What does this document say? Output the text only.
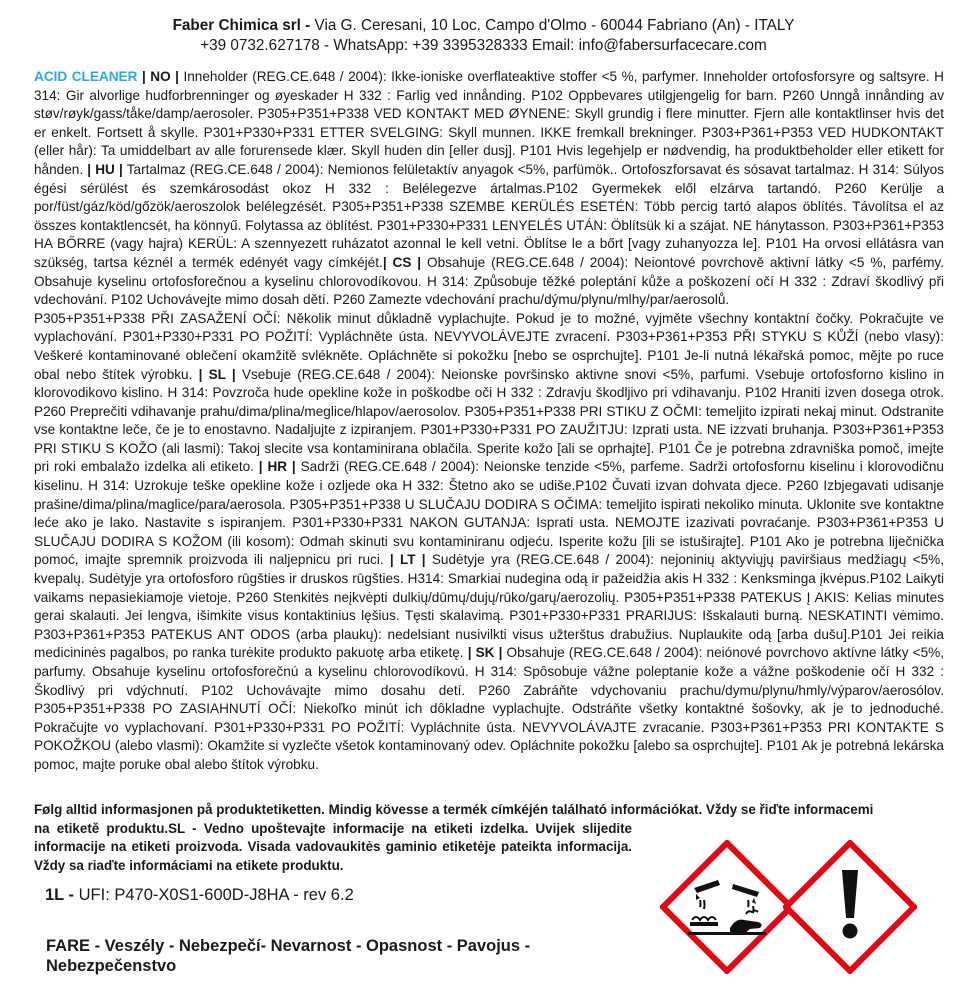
Faber Chimica srl - Via G. Ceresani, 10 Loc. Campo d'Olmo - 60044 Fabriano (An) - ITALY
+39 0732.627178 - WhatsApp: +39 3395328333 Email: info@fabersurfacecare.com

ACID CLEANER | NO | Inneholder (REG.CE.648 / 2004): Ikke-ioniske overflateaktive stoffer <5 %, parfymer. Inneholder ortofosforsyre og saltsyre. H 314: Gir alvorlige hudforbrenninger og øyeskader H 332 : Farlig ved innånding. P102 Oppbevares utilgjengelig for barn. P260 Unngå innånding av støv/røyk/gass/tåke/damp/aerosoler. P305+P351+P338 VED KONTAKT MED ØYNENE: Skyll grundig i flere minutter. Fjern alle kontaktlinser hvis det er enkelt. Fortsett å skylle. P301+P330+P331 ETTER SVELGING: Skyll munnen. IKKE fremkall brekninger. P303+P361+P353 VED HUDKONTAKT (eller hår): Ta umiddelbart av alle forurensede klær. Skyll huden din [eller dusj]. P101 Hvis legehjelp er nødvendig, ha produktbeholder eller etikett for hånden. | HU | Tartalmaz (REG.CE.648 / 2004): Nemionos felületaktív anyagok <5%, parfümök.. Ortofoszforsavat és sósavat tartalmaz. H 314: Súlyos égési sérülést és szemkárosodást okoz H 332 : Belélegezve ártalmas.P102 Gyermekek elől elzárva tartandó. P260 Kerülje a por/füst/gáz/köd/gőzök/aeroszolok belélegzését. P305+P351+P338 SZEMBE KERÜLÉS ESETÉN: Több percig tartó alapos öblítés. Távolítsa el az összes kontaktlencsét, ha könnyű. Folytassa az öblítést. P301+P330+P331 LENYELÉS UTÁN: Öblítsük ki a szájat. NE hánytasson. P303+P361+P353 HA BŐRRE (vagy hajra) KERÜL: A szennyezett ruházatot azonnal le kell vetni. Öblítse le a bőrt [vagy zuhanyozza le]. P101 Ha orvosi ellátásra van szükség, tartsa kéznél a termék edényét vagy címkéjét.| CS | Obsahuje (REG.CE.648 / 2004): Neiontové povrchově aktivní látky <5 %, parfémy. Obsahuje kyselinu ortofosforečnou a kyselinu chlorovodíkovou. H 314: Způsobuje těžké poleptání kůže a poškození očí H 332 : Zdraví škodlivý při vdechování. P102 Uchovávejte mimo dosah dětí. P260 Zamezte vdechování prachu/dýmu/plynu/mlhy/par/aerosolů.

P305+P351+P338 PŘI ZASAŽENÍ OČÍ: Několik minut důkladně vyplachujte. Pokud je to možné, vyjměte všechny kontaktní čočky. Pokračujte ve vyplachování. P301+P330+P331 PO POŽITÍ: Vypláchněte ústa. NEVYVOLÁVEJTE zvracení. P303+P361+P353 PŘI STYKU S KŮŽÍ (nebo vlasy): Veškeré kontaminované oblečení okamžitě svlékněte. Opláchněte si pokožku [nebo se osprchujte]. P101 Je-li nutná lékařská pomoc, mějte po ruce obal nebo štítek výrobku. | SL | Vsebuje (REG.CE.648 / 2004): Neionske površinsko aktivne snovi <5%, parfumi. Vsebuje ortofosforno kislino in klorovodikovo kislino. H 314: Povzroča hude opekline kože in poškodbe oči H 332 : Zdravju škodljivo pri vdihavanju. P102 Hraniti izven dosega otrok. P260 Preprečiti vdihavanje prahu/dima/plina/meglice/hlapov/aerosolov. P305+P351+P338 PRI STIKU Z OČMI: temeljito izpirati nekaj minut. Odstranite vse kontaktne leče, če je to enostavno. Nadaljujte z izpiranjem. P301+P330+P331 PO ZAUŽITJU: Izprati usta. NE izzvati bruhanja. P303+P361+P353 PRI STIKU S KOŽO (ali lasmi): Takoj slecite vsa kontaminirana oblačila. Sperite kožo [ali se oprhajte]. P101 Če je potrebna zdravniška pomoč, imejte pri roki embalažo izdelka ali etiketo. | HR | Sadrži (REG.CE.648 / 2004): Neionske tenzide <5%, parfeme. Sadrži ortofosfornu kiselinu i klorovodičnu kiselinu. H 314: Uzrokuje teške opekline kože i ozljede oka H 332: Štetno ako se udiše.P102 Čuvati izvan dohvata djece. P260 Izbjegavati udisanje prašine/dima/plina/maglice/para/aerosola. P305+P351+P338 U SLUČAJU DODIRA S OČIMA: temeljito ispirati nekoliko minuta. Uklonite sve kontaktne leće ako je lako. Nastavite s ispiranjem. P301+P330+P331 NAKON GUTANJA: Isprati usta. NEMOJTE izazivati povraćanje. P303+P361+P353 U SLUČAJU DODIRA S KOŽOM (ili kosom): Odmah skinuti svu kontaminiranu odjeću. Isperite kožu [ili se istuširajte]. P101 Ako je potrebna liječnička pomoć, imajte spremnik proizvoda ili naljepnicu pri ruci. | LT | Sudėtyje yra (REG.CE.648 / 2004): nejoninių aktyviųjų paviršiaus medžiagų <5%, kvepalų. Sudėtyje yra ortofosforo rūgšties ir druskos rūgšties. H314: Smarkiai nudegina odą ir pažeidžia akis H 332 : Kenksminga įkvėpus.P102 Laikyti vaikams nepasiekiamoje vietoje. P260 Stenkitės neįkvėpti dulkių/dūmų/dujų/rūko/garų/aerozolių. P305+P351+P338 PATEKUS Į AKIS: Kelias minutes gerai skalauti. Jei lengva, išimkite visus kontaktinius lęšius. Tęsti skalavimą. P301+P330+P331 PRARIJUS: Išskalauti burną. NESKATINTI vėmimo. P303+P361+P353 PATEKUS ANT ODOS (arba plaukų): nedelsiant nusivilkti visus užterštus drabužius. Nuplaukite odą [arba dušu].P101 Jei reikia medicininės pagalbos, po ranka turėkite produkto pakuotę arba etiketę. | SK | Obsahuje (REG.CE.648 / 2004): neiónové povrchovo aktívne látky <5%, parfumy. Obsahuje kyselinu ortofosforečnú a kyselinu chlorovodíkovú. H 314: Spôsobuje vážne poleptanie kože a vážne poškodenie očí H 332 : Škodlivý pri vdýchnutí. P102 Uchovávajte mimo dosahu detí. P260 Zabráňte vdychovaniu prachu/dymu/plynu/hmly/výparov/aerosólov. P305+P351+P338 PO ZASIAHNUTÍ OČÍ: Niekoľko minút ich dôkladne vyplachujte. Odstráňte všetky kontaktné šošovky, ak je to jednoduché. Pokračujte vo vyplachovaní. P301+P330+P331 PO POŽITÍ: Vypláchnite ústa. NEVYVOLÁVAJTE zvracanie. P303+P361+P353 PRI KONTAKTE S POKOŽKOU (alebo vlasmi): Okamžite si vyzlečte všetok kontaminovaný odev. Opláchnite pokožku [alebo sa osprchujte]. P101 Ak je potrebná lekárska pomoc, majte poruke obal alebo štítok výrobku.

Følg alltid informasjonen på produktetiketten. Mindig kövesse a termék címkéjén található információkat. Vždy se řiďte informacemi
na etiketě produktu.SL - Vedno upoštevajte informacije na etiketi izdelka. Uvijek slijedite informacije na etiketi proizvoda. Visada vadovaukitės gaminio etiketėje pateikta informacija. Vždy sa riaďte informáciami na etikete produktu.
1L - UFI: P470-X0S1-600D-J8HA - rev 6.2
FARE - Veszély - Nebezpečí- Nevarnost - Opasnost - Pavojus - Nebezpečenstvo
